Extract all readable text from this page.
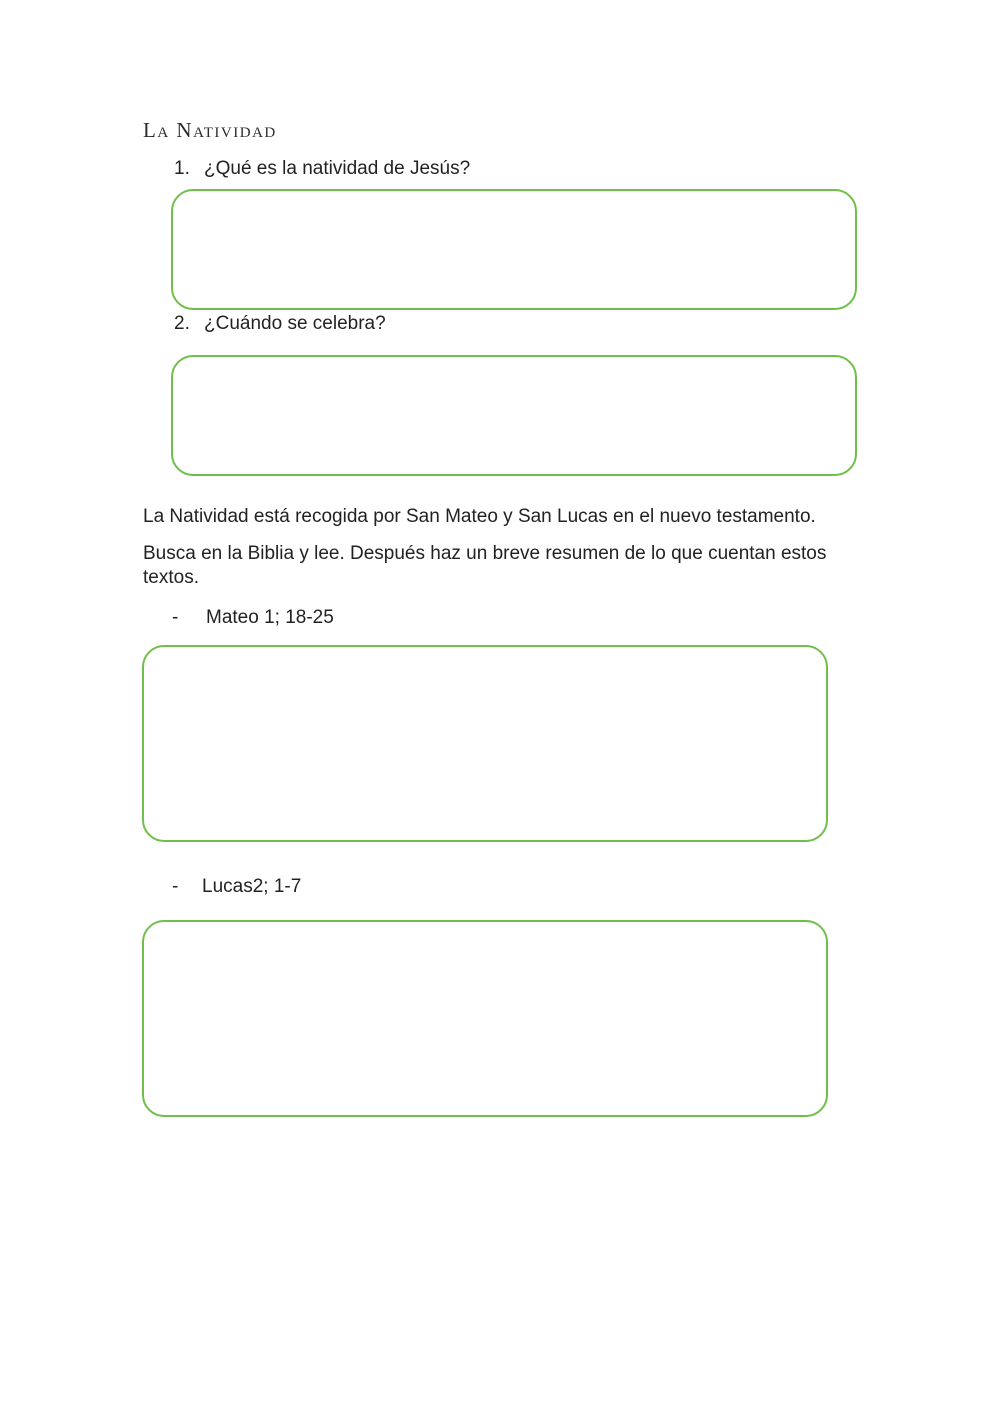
La Natividad
1. ¿Qué es la natividad de Jesús?
2. ¿Cuándo se celebra?
La Natividad está recogida por San Mateo y San Lucas en el nuevo testamento.
Busca en la Biblia y lee. Después haz un breve resumen de lo que cuentan estos textos.
- Mateo 1; 18-25
- Lucas2; 1-7
